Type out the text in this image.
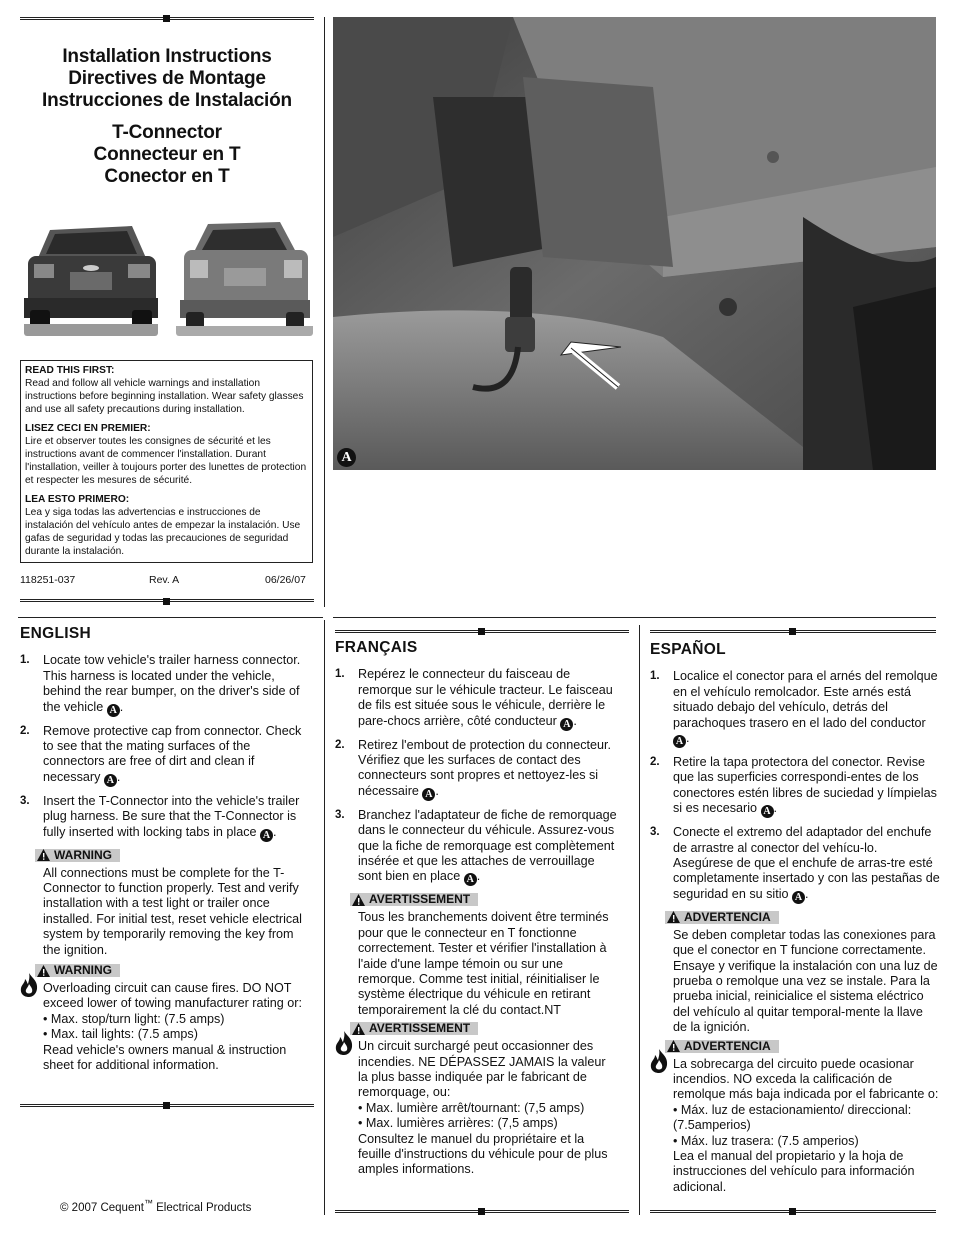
Installation Instructions
Directives de Montage
Instrucciones de Instalación
T-Connector
Connecteur en T
Conector en T
READ THIS FIRST:
Read and follow all vehicle warnings and installation instructions before beginning installation. Wear safety glasses and use all safety precautions during installation.
LISEZ CECI EN PREMIER:
Lire et observer toutes les consignes de sécurité et les instructions avant de commencer l'installation. Durant l'installation, veiller à toujours porter des lunettes de protection et respecter les mesures de sécurité.
LEA ESTO PRIMERO:
Lea y siga todas las advertencias e instrucciones de instalación del vehículo antes de empezar la instalación. Use gafas de seguridad y todas las precauciones de seguridad durante la instalación.
118251-037	Rev. A	06/26/07
A
ENGLISH
1. Locate tow vehicle's trailer harness connector. This harness is located under the vehicle, behind the rear bumper, on the driver's side of the vehicle A .
2. Remove protective cap from connector. Check to see that the mating surfaces of the connectors are free of dirt and clean if necessary A .
3. Insert the T-Connector into the vehicle's trailer plug harness. Be sure that the T-Connector is fully inserted with locking tabs in place A .
WARNING
All connections must be complete for the T-Connector to function properly. Test and verify installation with a test light or trailer once installed. For initial test, reset vehicle electrical system by temporarily removing the key from the ignition.
WARNING
Overloading circuit can cause fires. DO NOT exceed lower of towing manufacturer rating or:
• Max. stop/turn light: (7.5 amps)
• Max. tail lights: (7.5 amps)
Read vehicle's owners manual & instruction sheet for additional information.
FRANÇAIS
1. Repérez le connecteur du faisceau de remorque sur le véhicule tracteur. Le faisceau de fils est située sous le véhicule, derrière le pare-chocs arrière, côté conducteur A .
2. Retirez l'embout de protection du connecteur. Vérifiez que les surfaces de contact des connecteurs sont propres et nettoyez-les si nécessaire A .
3. Branchez l'adaptateur de fiche de remorquage dans le connecteur du véhicule. Assurez-vous que la fiche de remorquage est complètement insérée et que les attaches de verrouillage sont bien en place A .
AVERTISSEMENT
Tous les branchements doivent être terminés pour que le connecteur en T fonctionne correctement. Tester et vérifier l'installation à l'aide d'une lampe témoin ou sur une remorque. Comme test initial, réinitialiser le système électrique du véhicule en retirant temporairement la clé du contact.NT
AVERTISSEMENT
Un circuit surchargé peut occasionner des incendies. NE DÉPASSEZ JAMAIS la valeur la plus basse indiquée par le fabricant de remorquage, ou:
• Max. lumière arrêt/tournant: (7,5 amps)
• Max. lumières arrières: (7,5 amps)
Consultez le manuel du propriétaire et la feuille d'instructions du véhicule pour de plus amples informations.
ESPAÑOL
1. Localice el conector para el arnés del remolque en el vehículo remolcador. Este arnés está situado debajo del vehículo, detrás del parachoques trasero en el lado del conductor A .
2. Retire la tapa protectora del conector. Revise que las superficies correspondi-entes de los conectores estén libres de suciedad y límpielas si es necesario A .
3. Conecte el extremo del adaptador del enchufe de arrastre al conector del vehícu-lo. Asegúrese de que el enchufe de arras-tre esté completamente insertado y con las pestañas de seguridad en su sitio A .
ADVERTENCIA
Se deben completar todas las conexiones para que el conector en T funcione correctamente. Ensaye y verifique la instalación con una luz de prueba o remolque una vez se instale. Para la prueba inicial, reinicialice el sistema eléctrico del vehículo al quitar temporal-mente la llave de la ignición.
ADVERTENCIA
La sobrecarga del circuito puede ocasionar incendios. NO exceda la calificación de remolque más baja indicada por el fabricante o:
• Máx. luz de estacionamiento/ direccional: (7.5amperios)
• Máx. luz trasera: (7.5 amperios)
Lea el manual del propietario y la hoja de instrucciones del vehículo para información adicional.
© 2007 Cequent™ Electrical Products
